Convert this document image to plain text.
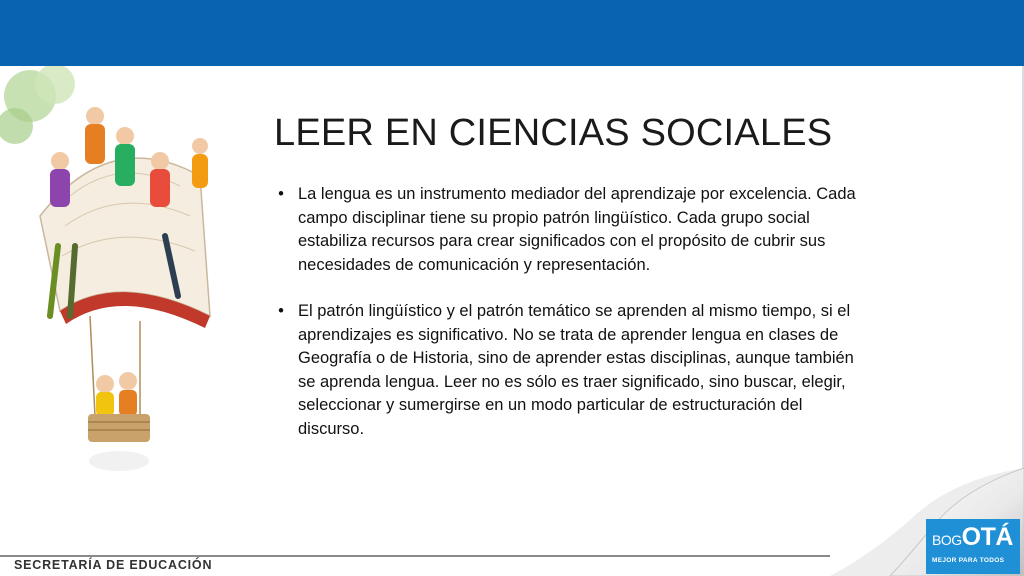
LEER EN CIENCIAS SOCIALES
• La lengua es un instrumento mediador del aprendizaje por excelencia. Cada campo disciplinar tiene su propio patrón lingüístico. Cada grupo social estabiliza recursos para crear significados con el propósito de cubrir sus necesidades de comunicación y representación.
• El patrón lingüístico y el patrón temático se aprenden al mismo tiempo, si el aprendizajes es significativo. No se trata de aprender lengua en clases de Geografía o de Historia, sino de aprender estas disciplinas, aunque también se aprenda lengua. Leer no es sólo es traer significado, sino buscar, elegir, seleccionar y sumergirse en un modo particular de estructuración del discurso.
SECRETARÍA DE EDUCACIÓN
BOGOTÁ
MEJOR PARA TODOS
